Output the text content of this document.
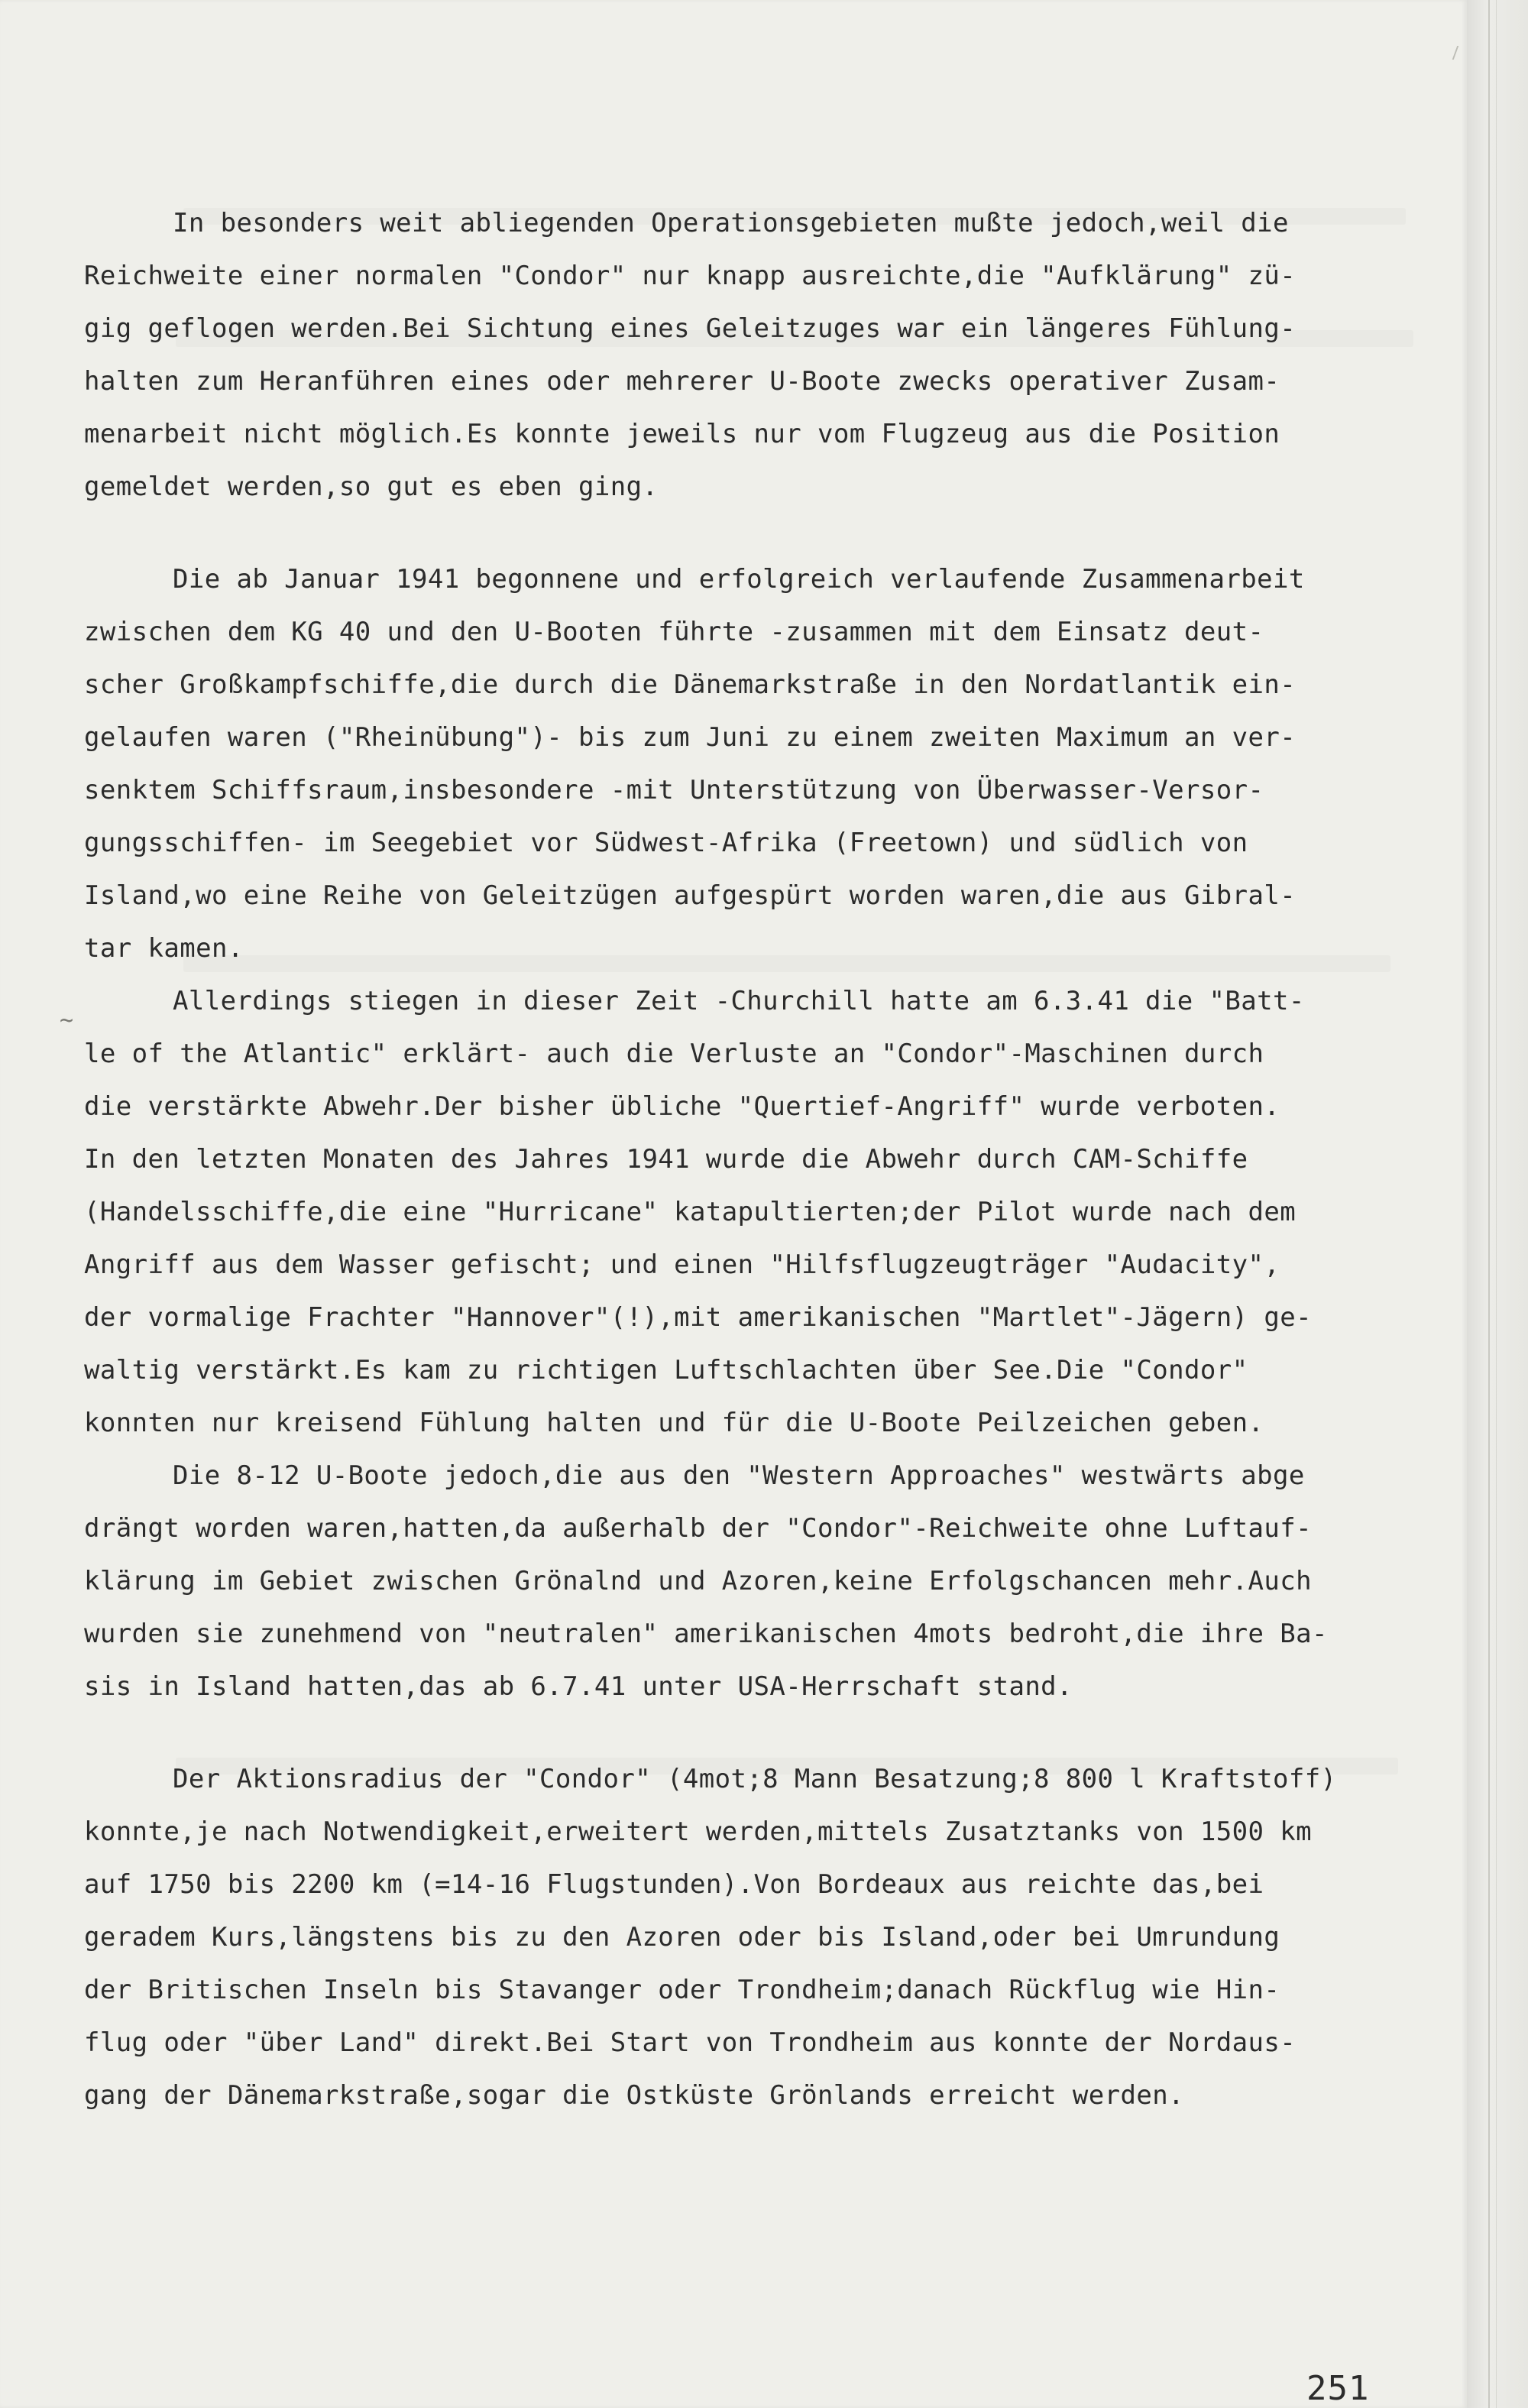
~
In besonders weit abliegenden Operationsgebieten mußte jedoch,weil die
Reichweite einer normalen "Condor" nur knapp ausreichte,die "Aufklärung" zü-
gig geflogen werden.Bei Sichtung eines Geleitzuges war ein längeres Fühlung-
halten zum Heranführen eines oder mehrerer U-Boote zwecks operativer Zusam-
menarbeit nicht möglich.Es konnte jeweils nur vom Flugzeug aus die Position
gemeldet werden,so gut es eben ging.
Die ab Januar 1941 begonnene und erfolgreich verlaufende Zusammenarbeit
zwischen dem KG 40 und den U-Booten führte -zusammen mit dem Einsatz deut-
scher Großkampfschiffe,die durch die Dänemarkstraße in den Nordatlantik ein-
gelaufen waren ("Rheinübung")- bis zum Juni zu einem zweiten Maximum an ver-
senktem Schiffsraum,insbesondere -mit Unterstützung von Überwasser-Versor-
gungsschiffen- im Seegebiet vor Südwest-Afrika (Freetown) und südlich von
Island,wo eine Reihe von Geleitzügen aufgespürt worden waren,die aus Gibral-
tar kamen.
Allerdings stiegen in dieser Zeit -Churchill hatte am 6.3.41 die "Batt-
le of the Atlantic" erklärt- auch die Verluste an "Condor"-Maschinen durch
die verstärkte Abwehr.Der bisher übliche "Quertief-Angriff" wurde verboten.
In den letzten Monaten des Jahres 1941 wurde die Abwehr durch CAM-Schiffe
(Handelsschiffe,die eine "Hurricane" katapultierten;der Pilot wurde nach dem
Angriff aus dem Wasser gefischt; und einen "Hilfsflugzeugträger "Audacity",
der vormalige Frachter "Hannover"(!),mit amerikanischen "Martlet"-Jägern) ge-
waltig verstärkt.Es kam zu richtigen Luftschlachten über See.Die "Condor"
konnten nur kreisend Fühlung halten und für die U-Boote Peilzeichen geben.
Die 8-12 U-Boote jedoch,die aus den "Western Approaches" westwärts abge
drängt worden waren,hatten,da außerhalb der "Condor"-Reichweite ohne Luftauf-
klärung im Gebiet zwischen Grönalnd und Azoren,keine Erfolgschancen mehr.Auch
wurden sie zunehmend von "neutralen" amerikanischen 4mots bedroht,die ihre Ba-
sis in Island hatten,das ab 6.7.41 unter USA-Herrschaft stand.
Der Aktionsradius der "Condor" (4mot;8 Mann Besatzung;8 800 l Kraftstoff)
konnte,je nach Notwendigkeit,erweitert werden,mittels Zusatztanks von 1500 km
auf 1750 bis 2200 km (=14-16 Flugstunden).Von Bordeaux aus reichte das,bei
geradem Kurs,längstens bis zu den Azoren oder bis Island,oder bei Umrundung
der Britischen Inseln bis Stavanger oder Trondheim;danach Rückflug wie Hin-
flug oder "über Land" direkt.Bei Start von Trondheim aus konnte der Nordaus-
gang der Dänemarkstraße,sogar die Ostküste Grönlands erreicht werden.
251
